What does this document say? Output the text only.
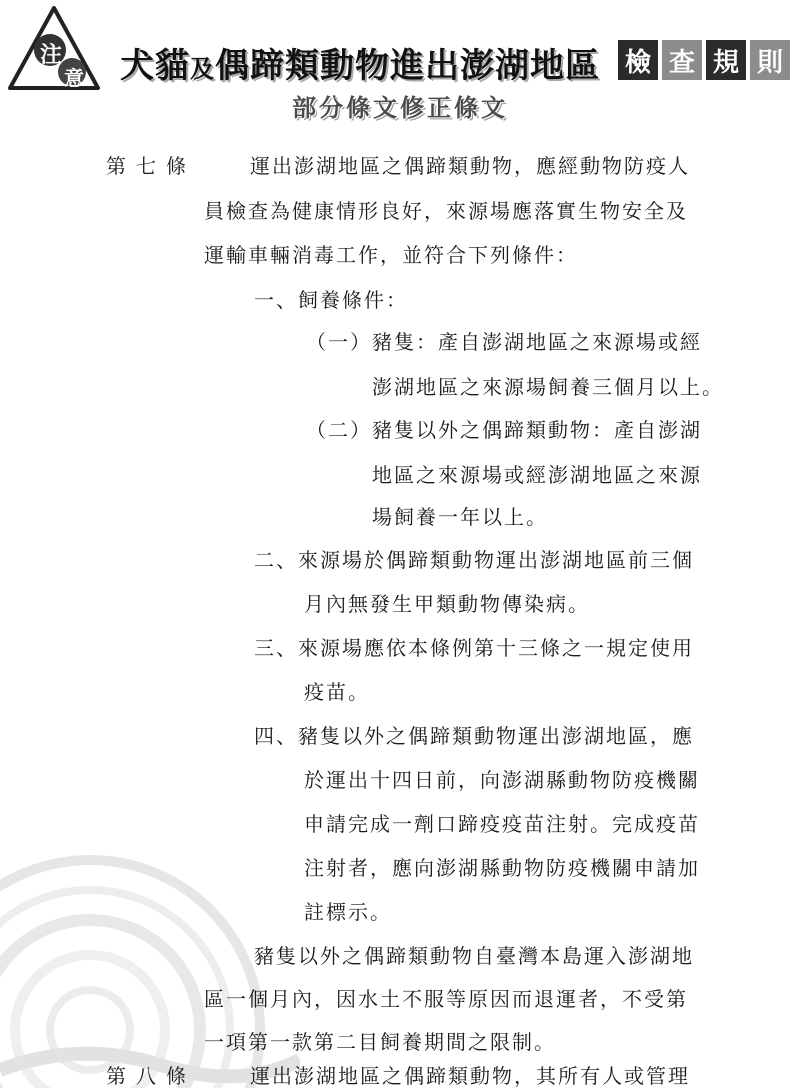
注
意 犬貓及偶蹄類動物進出澎湖地區 檢 查 規 則
部分條文修正條文
第七條	運出澎湖地區之偶蹄類動物，應經動物防疫人
員檢查為健康情形良好，來源場應落實生物安全及
運輸車輛消毒工作，並符合下列條件：
一、飼養條件：
（一）豬隻：產自澎湖地區之來源場或經
澎湖地區之來源場飼養三個月以上。
（二）豬隻以外之偶蹄類動物：產自澎湖
地區之來源場或經澎湖地區之來源
場飼養一年以上。
二、來源場於偶蹄類動物運出澎湖地區前三個
月內無發生甲類動物傳染病。
三、來源場應依本條例第十三條之一規定使用
疫苗。
四、豬隻以外之偶蹄類動物運出澎湖地區，應
於運出十四日前，向澎湖縣動物防疫機關
申請完成一劑口蹄疫疫苗注射。完成疫苗
注射者，應向澎湖縣動物防疫機關申請加
註標示。
豬隻以外之偶蹄類動物自臺灣本島運入澎湖地
區一個月內，因水土不服等原因而退運者，不受第
一項第一款第二目飼養期間之限制。
第八條	運出澎湖地區之偶蹄類動物，其所有人或管理
